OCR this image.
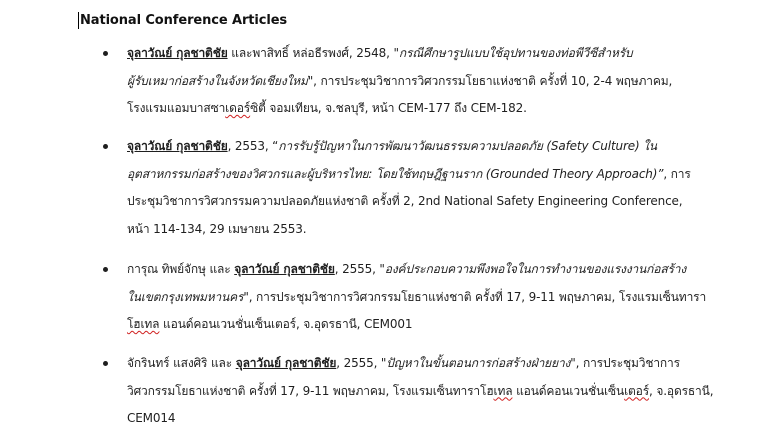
National Conference Articles
จุลาวัณย์ กุลชาติชัย และพาสิทธิ์ หล่อธีรพงศ์, 2548, "กรณีศึกษารูปแบบใช้อุปทานของท่อพีวีซีสำหรับ
ผู้รับเหมาก่อสร้างในจังหวัดเชียงใหม่", การประชุมวิชาการวิศวกรรมโยธาแห่งชาติ ครั้งที่ 10, 2-4 พฤษภาคม,
โรงแรมแอมบาสซาเดอร์ซิตี้ จอมเทียน, จ.ชลบุรี, หน้า CEM-177 ถึง CEM-182.
จุลาวัณย์ กุลชาติชัย, 2553, “การรับรู้ปัญหาในการพัฒนาวัฒนธรรมความปลอดภัย (Safety Culture) ใน
อุตสาหกรรมก่อสร้างของวิศวกรและผู้บริหารไทย: โดยใช้ทฤษฎีฐานราก (Grounded Theory Approach)”, การ
ประชุมวิชาการวิศวกรรมความปลอดภัยแห่งชาติ ครั้งที่ 2, 2nd National Safety Engineering Conference,
หน้า 114-134, 29 เมษายน 2553.
การุณ ทิพย์จักษุ และ จุลาวัณย์ กุลชาติชัย, 2555, "องค์ประกอบความพึงพอใจในการทำงานของแรงงานก่อสร้าง
ในเขตกรุงเทพมหานคร", การประชุมวิชาการวิศวกรรมโยธาแห่งชาติ ครั้งที่ 17, 9-11 พฤษภาคม, โรงแรมเซ็นทารา
โฮเทล แอนด์คอนเวนชั่นเซ็นเตอร์, จ.อุดรธานี, CEM001
จักรินทร์ แสงศิริ และ จุลาวัณย์ กุลชาติชัย, 2555, "ปัญหาในขั้นตอนการก่อสร้างฝ่ายยาง", การประชุมวิชาการ
วิศวกรรมโยธาแห่งชาติ ครั้งที่ 17, 9-11 พฤษภาคม, โรงแรมเซ็นทาราโฮเทล แอนด์คอนเวนชั่นเซ็นเตอร์, จ.อุดรธานี,
CEM014
